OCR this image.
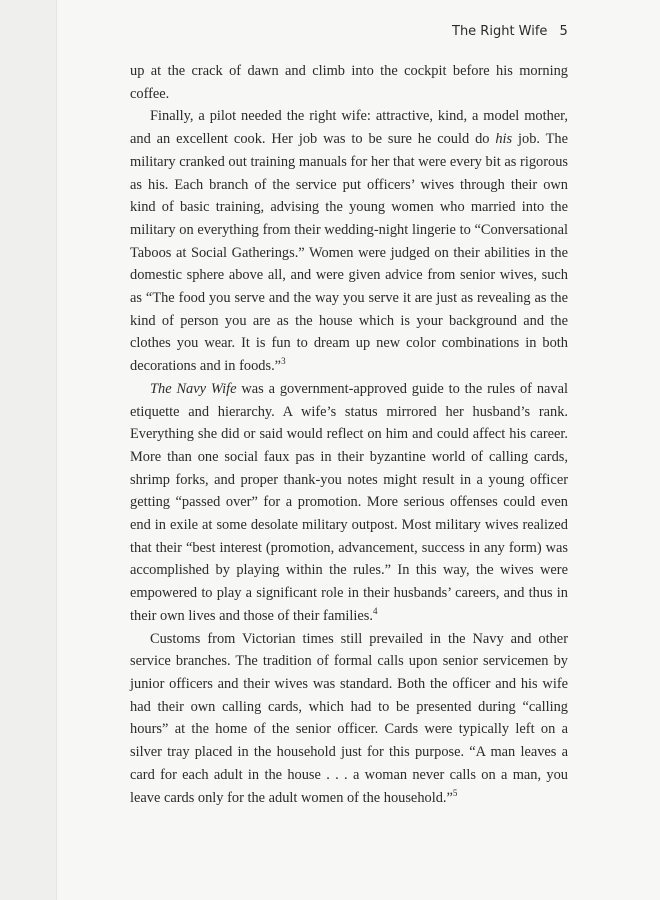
The Right Wife 5

up at the crack of dawn and climb into the cockpit before his morning coffee.

Finally, a pilot needed the right wife: attractive, kind, a model mother, and an excellent cook. Her job was to be sure he could do his job. The military cranked out training manuals for her that were every bit as rigorous as his. Each branch of the service put officers’ wives through their own kind of basic training, advising the young women who married into the military on everything from their wedding-night lingerie to “Conversational Taboos at Social Gatherings.” Women were judged on their abilities in the domestic sphere above all, and were given advice from senior wives, such as “The food you serve and the way you serve it are just as revealing as the kind of person you are as the house which is your background and the clothes you wear. It is fun to dream up new color combinations in both decorations and in foods.”$^3$

The Navy Wife was a government-approved guide to the rules of naval etiquette and hierarchy. A wife’s status mirrored her husband’s rank. Everything she did or said would reflect on him and could affect his career. More than one social faux pas in their byzantine world of calling cards, shrimp forks, and proper thank-you notes might result in a young officer getting “passed over” for a promotion. More serious offenses could even end in exile at some desolate military outpost. Most military wives realized that their “best interest (promotion, advancement, success in any form) was accomplished by playing within the rules.” In this way, the wives were empowered to play a significant role in their husbands’ careers, and thus in their own lives and those of their families.$^4$

Customs from Victorian times still prevailed in the Navy and other service branches. The tradition of formal calls upon senior servicemen by junior officers and their wives was standard. Both the officer and his wife had their own calling cards, which had to be presented during “calling hours” at the home of the senior officer. Cards were typically left on a silver tray placed in the household just for this purpose. “A man leaves a card for each adult in the house . . . a woman never calls on a man, you leave cards only for the adult women of the household.”$^5$
